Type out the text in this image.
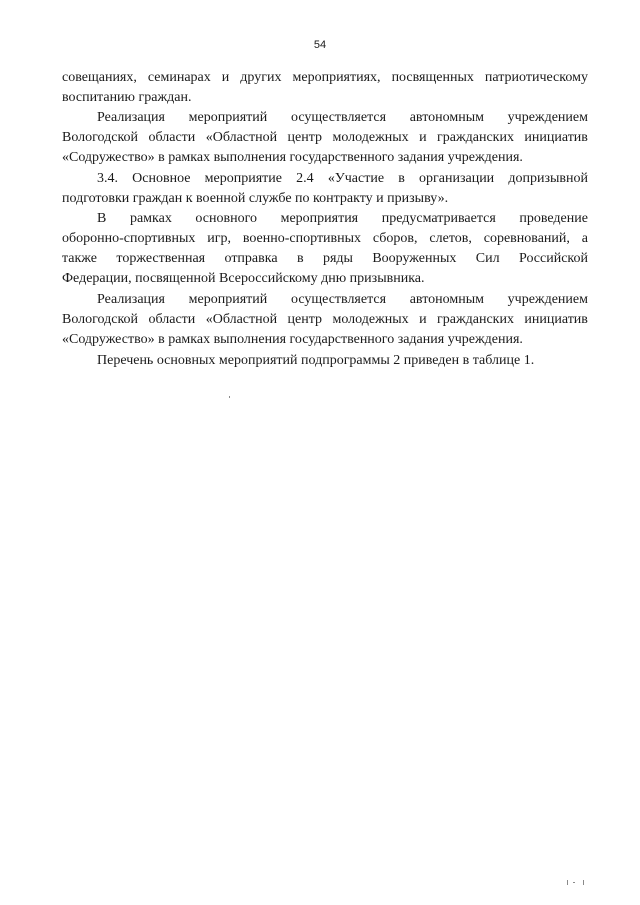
54
совещаниях, семинарах и других мероприятиях, посвященных патриотическому
воспитанию граждан.
Реализация мероприятий осуществляется автономным учреждением
Вологодской области «Областной центр молодежных и гражданских инициатив
«Содружество» в рамках выполнения государственного задания учреждения.
3.4. Основное мероприятие 2.4 «Участие в организации допризывной
подготовки граждан к военной службе по контракту и призыву».
В рамках основного мероприятия предусматривается проведение
оборонно-спортивных игр, военно-спортивных сборов, слетов, соревнований, а
также торжественная отправка в ряды Вооруженных Сил Российской
Федерации, посвященной Всероссийскому дню призывника.
Реализация мероприятий осуществляется автономным учреждением
Вологодской области «Областной центр молодежных и гражданских инициатив
«Содружество» в рамках выполнения государственного задания учреждения.
Перечень основных мероприятий подпрограммы 2 приведен в таблице 1.
